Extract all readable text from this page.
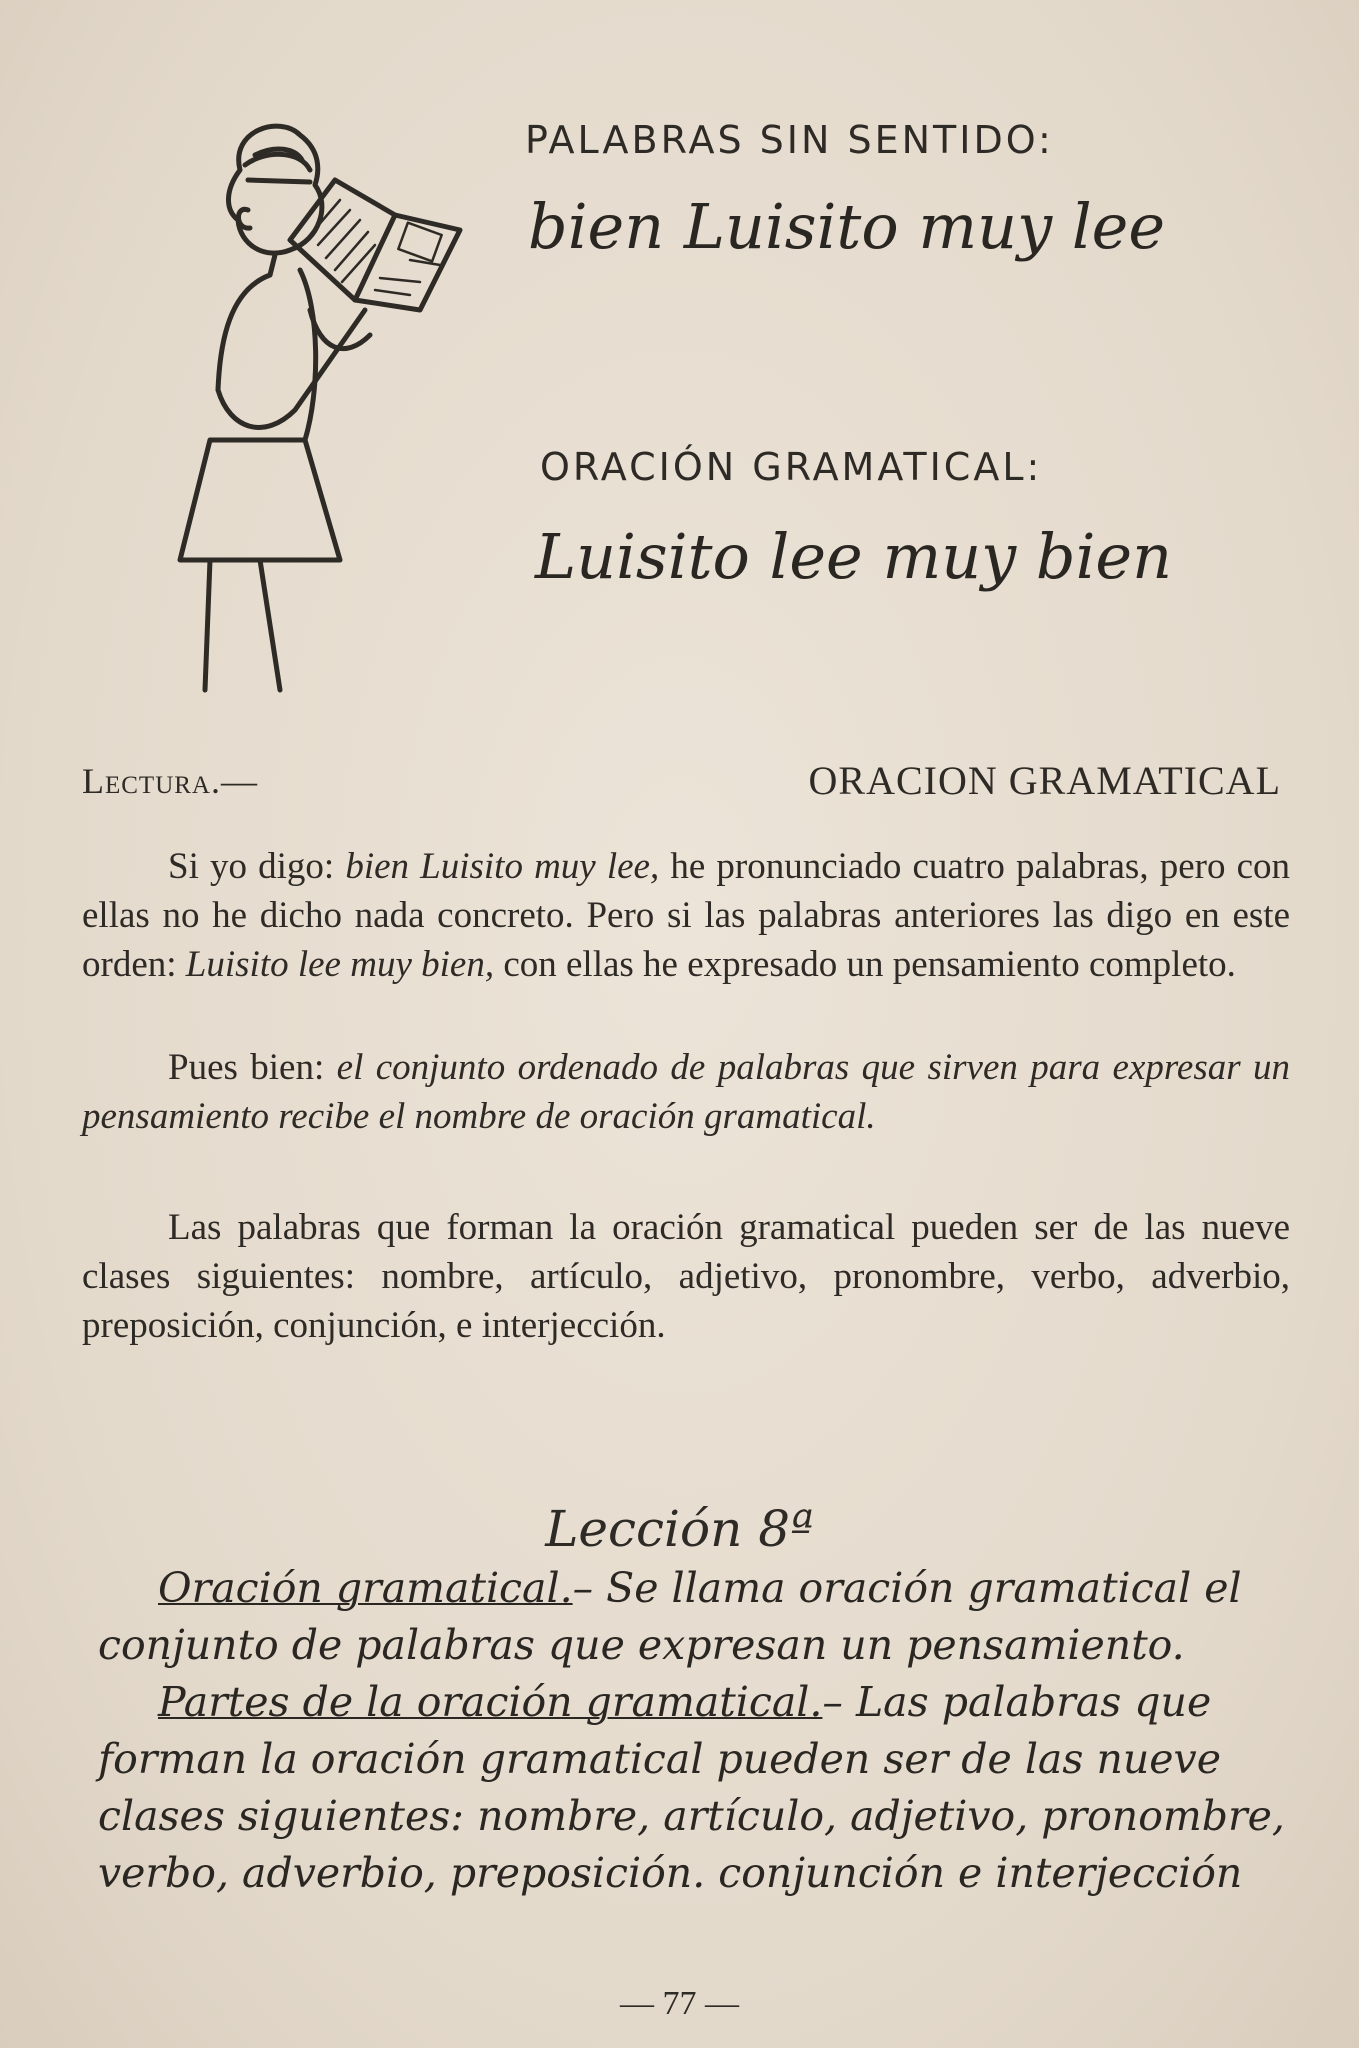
PALABRAS SIN SENTIDO:
bien Luisito muy lee
ORACIÓN GRAMATICAL:
Luisito lee muy bien
Lectura.—	ORACION GRAMATICAL

Si yo digo: bien Luisito muy lee, he pronunciado cuatro palabras, pero con ellas no he dicho nada concreto. Pero si las palabras anteriores las digo en este orden: Luisito lee muy bien, con ellas he expresado un pensamiento completo.

Pues bien: el conjunto ordenado de palabras que sirven para expresar un pensamiento recibe el nombre de oración gramatical.

Las palabras que forman la oración gramatical pueden ser de las nueve clases siguientes: nombre, artículo, adjetivo, pronombre, verbo, adverbio, preposición, conjunción, e interjección.

Lección 8ª

Oración gramatical.– Se llama oración gramatical el conjunto de palabras que expresan un pensamiento.
Partes de la oración gramatical.– Las palabras que forman la oración gramatical pueden ser de las nueve clases siguientes: nombre, artículo, adjetivo, pronombre, verbo, adverbio, preposición. conjunción e interjección

— 77 —
